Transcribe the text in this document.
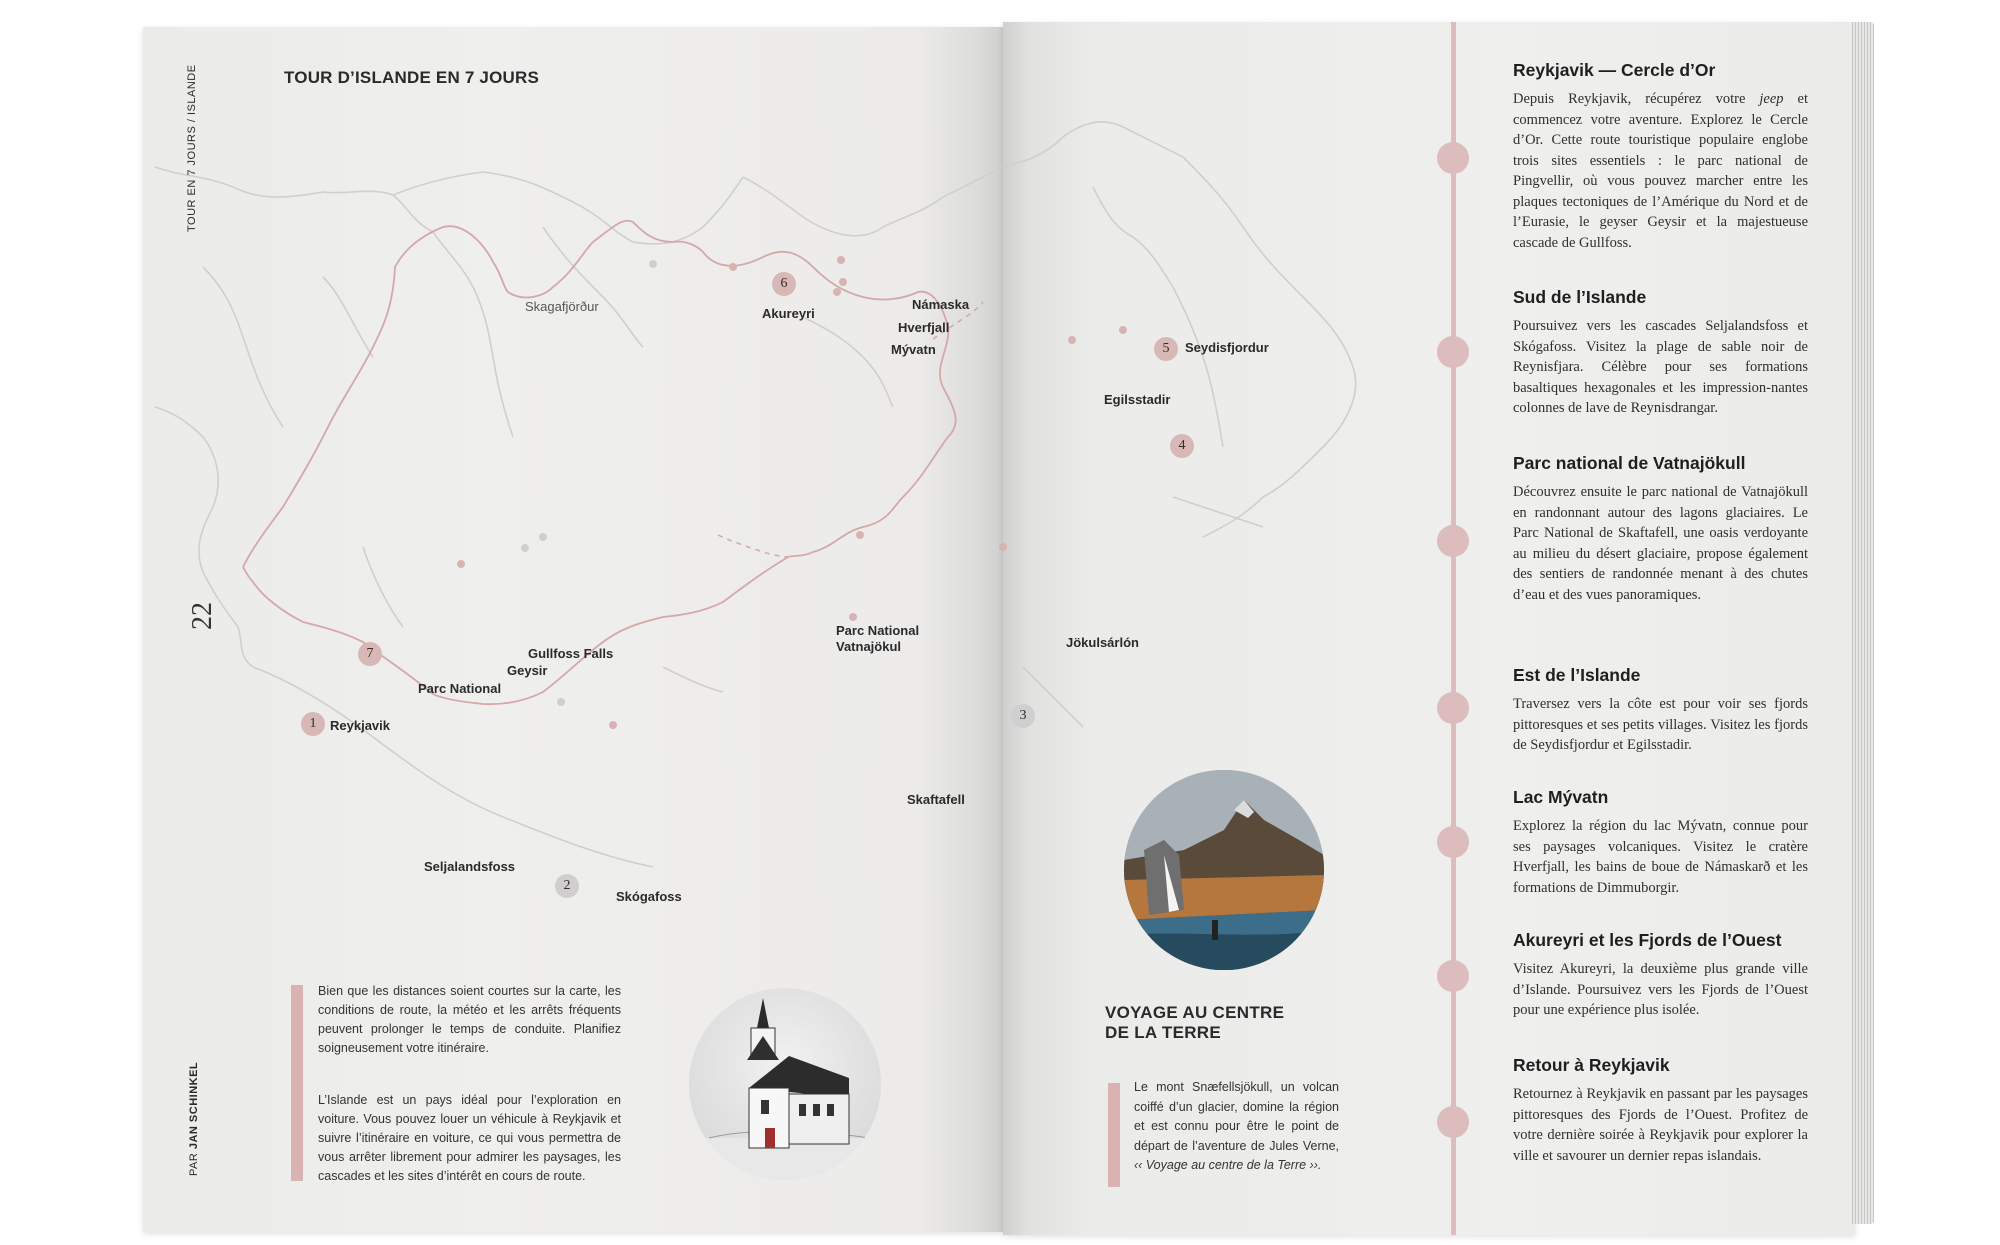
TOUR D’ISLANDE EN 7 JOURS
TOUR EN 7 JOURS / ISLANDE
22
PAR JAN SCHINKEL
Skagafjörður	Akureyri
Námaska
Hverfjall
Mývatn	Seydisfjordur
Egilsstadir
Gullfoss Falls
Geysir
Parc National
Reykjavik
Parc National
Vatnajökul	Jökulsárlón
Skaftafell
Seljalandsfoss
Skógafoss
1
2
3
4
5
6
7
Bien que les distances soient courtes sur la carte, les conditions de route, la météo et les arrêts fréquents peuvent prolonger le temps de conduite. Planifiez soigneusement votre itinéraire.
L’Islande est un pays idéal pour l’exploration en voiture. Vous pouvez louer un véhicule à Reykjavik et suivre l’itinéraire en voiture, ce qui vous permettra de vous arrêter librement pour admirer les paysages, les cascades et les sites d’intérêt en cours de route.
VOYAGE AU CENTRE
DE LA TERRE
Le mont Snæfellsjökull, un volcan coiffé d’un glacier, domine la région et est connu pour être le point de départ de l’aventure de Jules Verne, ‹‹ Voyage au centre de la Terre ››.
Reykjavik — Cercle d’Or
Depuis Reykjavik, récupérez votre jeep et commencez votre aventure. Explorez le Cercle d’Or. Cette route touristique populaire englobe trois sites essentiels : le parc national de Pingvellir, où vous pouvez marcher entre les plaques tectoniques de l’Amérique du Nord et de l’Eurasie, le geyser Geysir et la majestueuse cascade de Gullfoss.
Sud de l’Islande
Poursuivez vers les cascades Seljalandsfoss et Skógafoss. Visitez la plage de sable noir de Reynisfjara. Célèbre pour ses formations basaltiques hexagonales et les impression-nantes colonnes de lave de Reynisdrangar.
Parc national de Vatnajökull
Découvrez ensuite le parc national de Vatnajökull en randonnant autour des lagons glaciaires. Le Parc National de Skaftafell, une oasis verdoyante au milieu du désert glaciaire, propose également des sentiers de randonnée menant à des chutes d’eau et des vues panoramiques.
Est de l’Islande
Traversez vers la côte est pour voir ses fjords pittoresques et ses petits villages. Visitez les fjords de Seydisfjordur et Egilsstadir.
Lac Mývatn
Explorez la région du lac Mývatn, connue pour ses paysages volcaniques. Visitez le cratère Hverfjall, les bains de boue de Námaskarð et les formations de Dimmuborgir.
Akureyri et les Fjords de l’Ouest
Visitez Akureyri, la deuxième plus grande ville d’Islande. Poursuivez vers les Fjords de l’Ouest pour une expérience plus isolée.
Retour à Reykjavik
Retournez à Reykjavik en passant par les paysages pittoresques des Fjords de l’Ouest. Profitez de votre dernière soirée à Reykjavik pour explorer la ville et savourer un dernier repas islandais.
